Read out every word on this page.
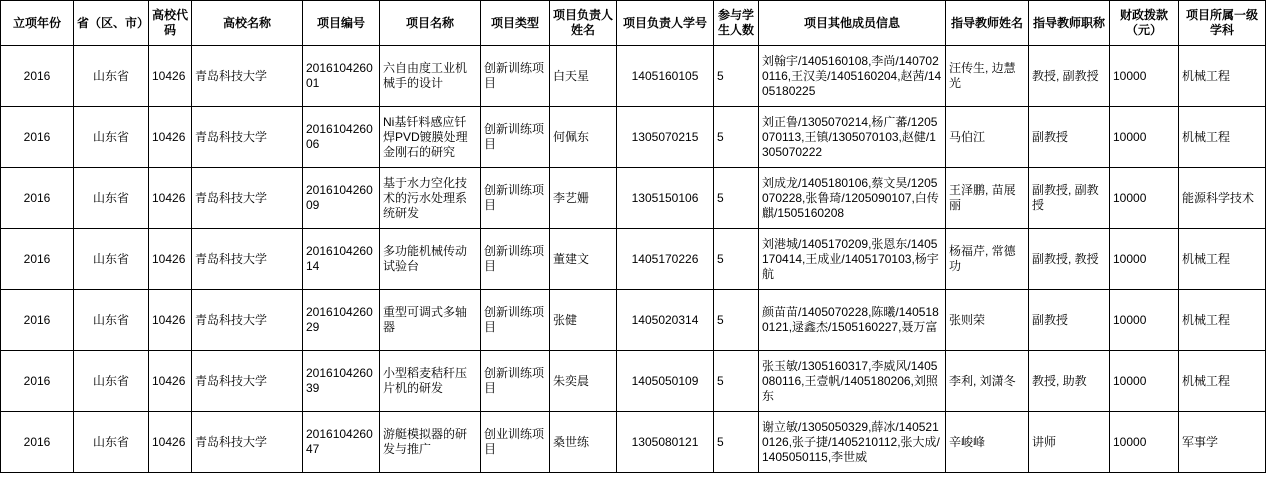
立项年份	省（区、市）	高校代码	高校名称	项目编号	项目名称	项目类型	项目负责人姓名	项目负责人学号	参与学生人数	项目其他成员信息	指导教师姓名	指导教师职称	财政拨款（元）	项目所属一级学科
2016	山东省	10426	青岛科技大学	201610426001	六自由度工业机械手的设计	创新训练项目	白天星	1405160105	5	刘翰宇/1405160108,李尚/1407020116,王汉美/1405160204,赵茜/1405180225	汪传生, 边慧光	教授, 副教授	10000	机械工程
2016	山东省	10426	青岛科技大学	201610426006	Ni基钎料感应钎焊PVD镀膜处理金刚石的研究	创新训练项目	何佩东	1305070215	5	刘正鲁/1305070214,杨广蕃/1205070113,王镇/1305070103,赵健/1305070222	马伯江	副教授	10000	机械工程
2016	山东省	10426	青岛科技大学	201610426009	基于水力空化技术的污水处理系统研发	创新训练项目	李艺姗	1305150106	5	刘成龙/1405180106,蔡文昊/1205070228,张鲁琦/1205090107,白传麒/1505160208	王泽鹏, 苗展丽	副教授, 副教授	10000	能源科学技术
2016	山东省	10426	青岛科技大学	201610426014	多功能机械传动试验台	创新训练项目	董建文	1405170226	5	刘港城/1405170209,张恩东/1405170414,王成业/1405170103,杨宇航	杨福芹, 常德功	副教授, 教授	10000	机械工程
2016	山东省	10426	青岛科技大学	201610426029	重型可调式多轴器	创新训练项目	张健	1405020314	5	颜苗苗/1405070228,陈曦/1405180121,逯鑫杰/1505160227,聂万富	张则荣	副教授	10000	机械工程
2016	山东省	10426	青岛科技大学	201610426039	小型稻麦秸秆压片机的研发	创新训练项目	朱奕晨	1405050109	5	张玉敏/1305160317,李威风/1405080116,王壹帆/1405180206,刘照东	李利, 刘潇冬	教授, 助教	10000	机械工程
2016	山东省	10426	青岛科技大学	201610426047	游艇模拟器的研发与推广	创业训练项目	桑世练	1305080121	5	谢立敏/1305050329,薛冰/1405210126,张子捷/1405210112,张大成/1405050115,李世威	辛峻峰	讲师	10000	军事学
